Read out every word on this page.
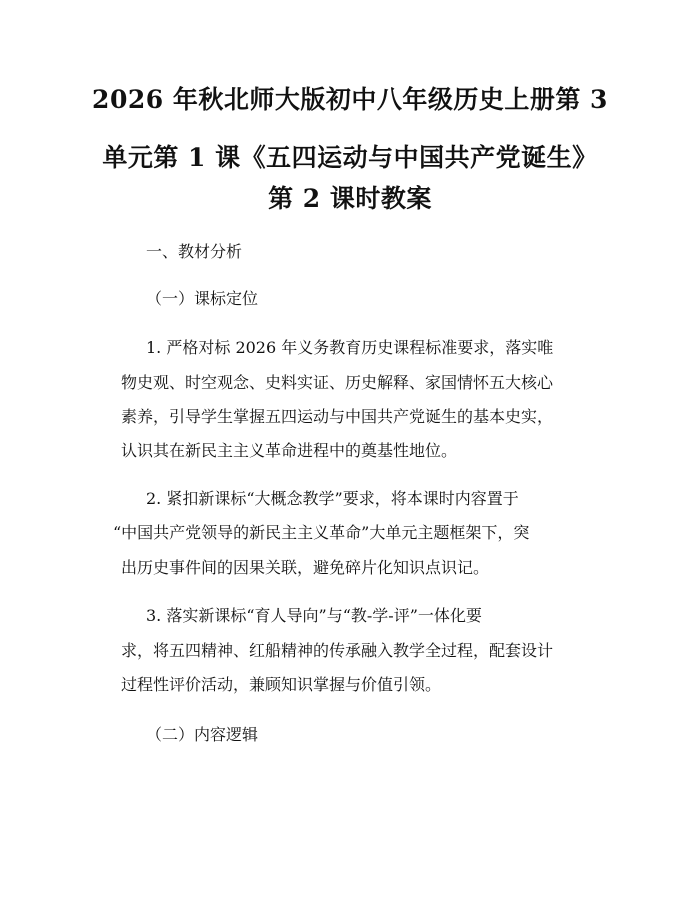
2026 年秋北师大版初中八年级历史上册第 3
单元第 1 课《五四运动与中国共产党诞生》
第 2 课时教案
一、教材分析
（一）课标定位
1. 严格对标 2026 年义务教育历史课程标准要求，落实唯
物史观、时空观念、史料实证、历史解释、家国情怀五大核心
素养，引导学生掌握五四运动与中国共产党诞生的基本史实，
认识其在新民主主义革命进程中的奠基性地位。
2. 紧扣新课标“大概念教学”要求，将本课时内容置于
“中国共产党领导的新民主主义革命”大单元主题框架下，突
出历史事件间的因果关联，避免碎片化知识点识记。
3. 落实新课标“育人导向”与“教-学-评”一体化要
求，将五四精神、红船精神的传承融入教学全过程，配套设计
过程性评价活动，兼顾知识掌握与价值引领。
（二）内容逻辑
